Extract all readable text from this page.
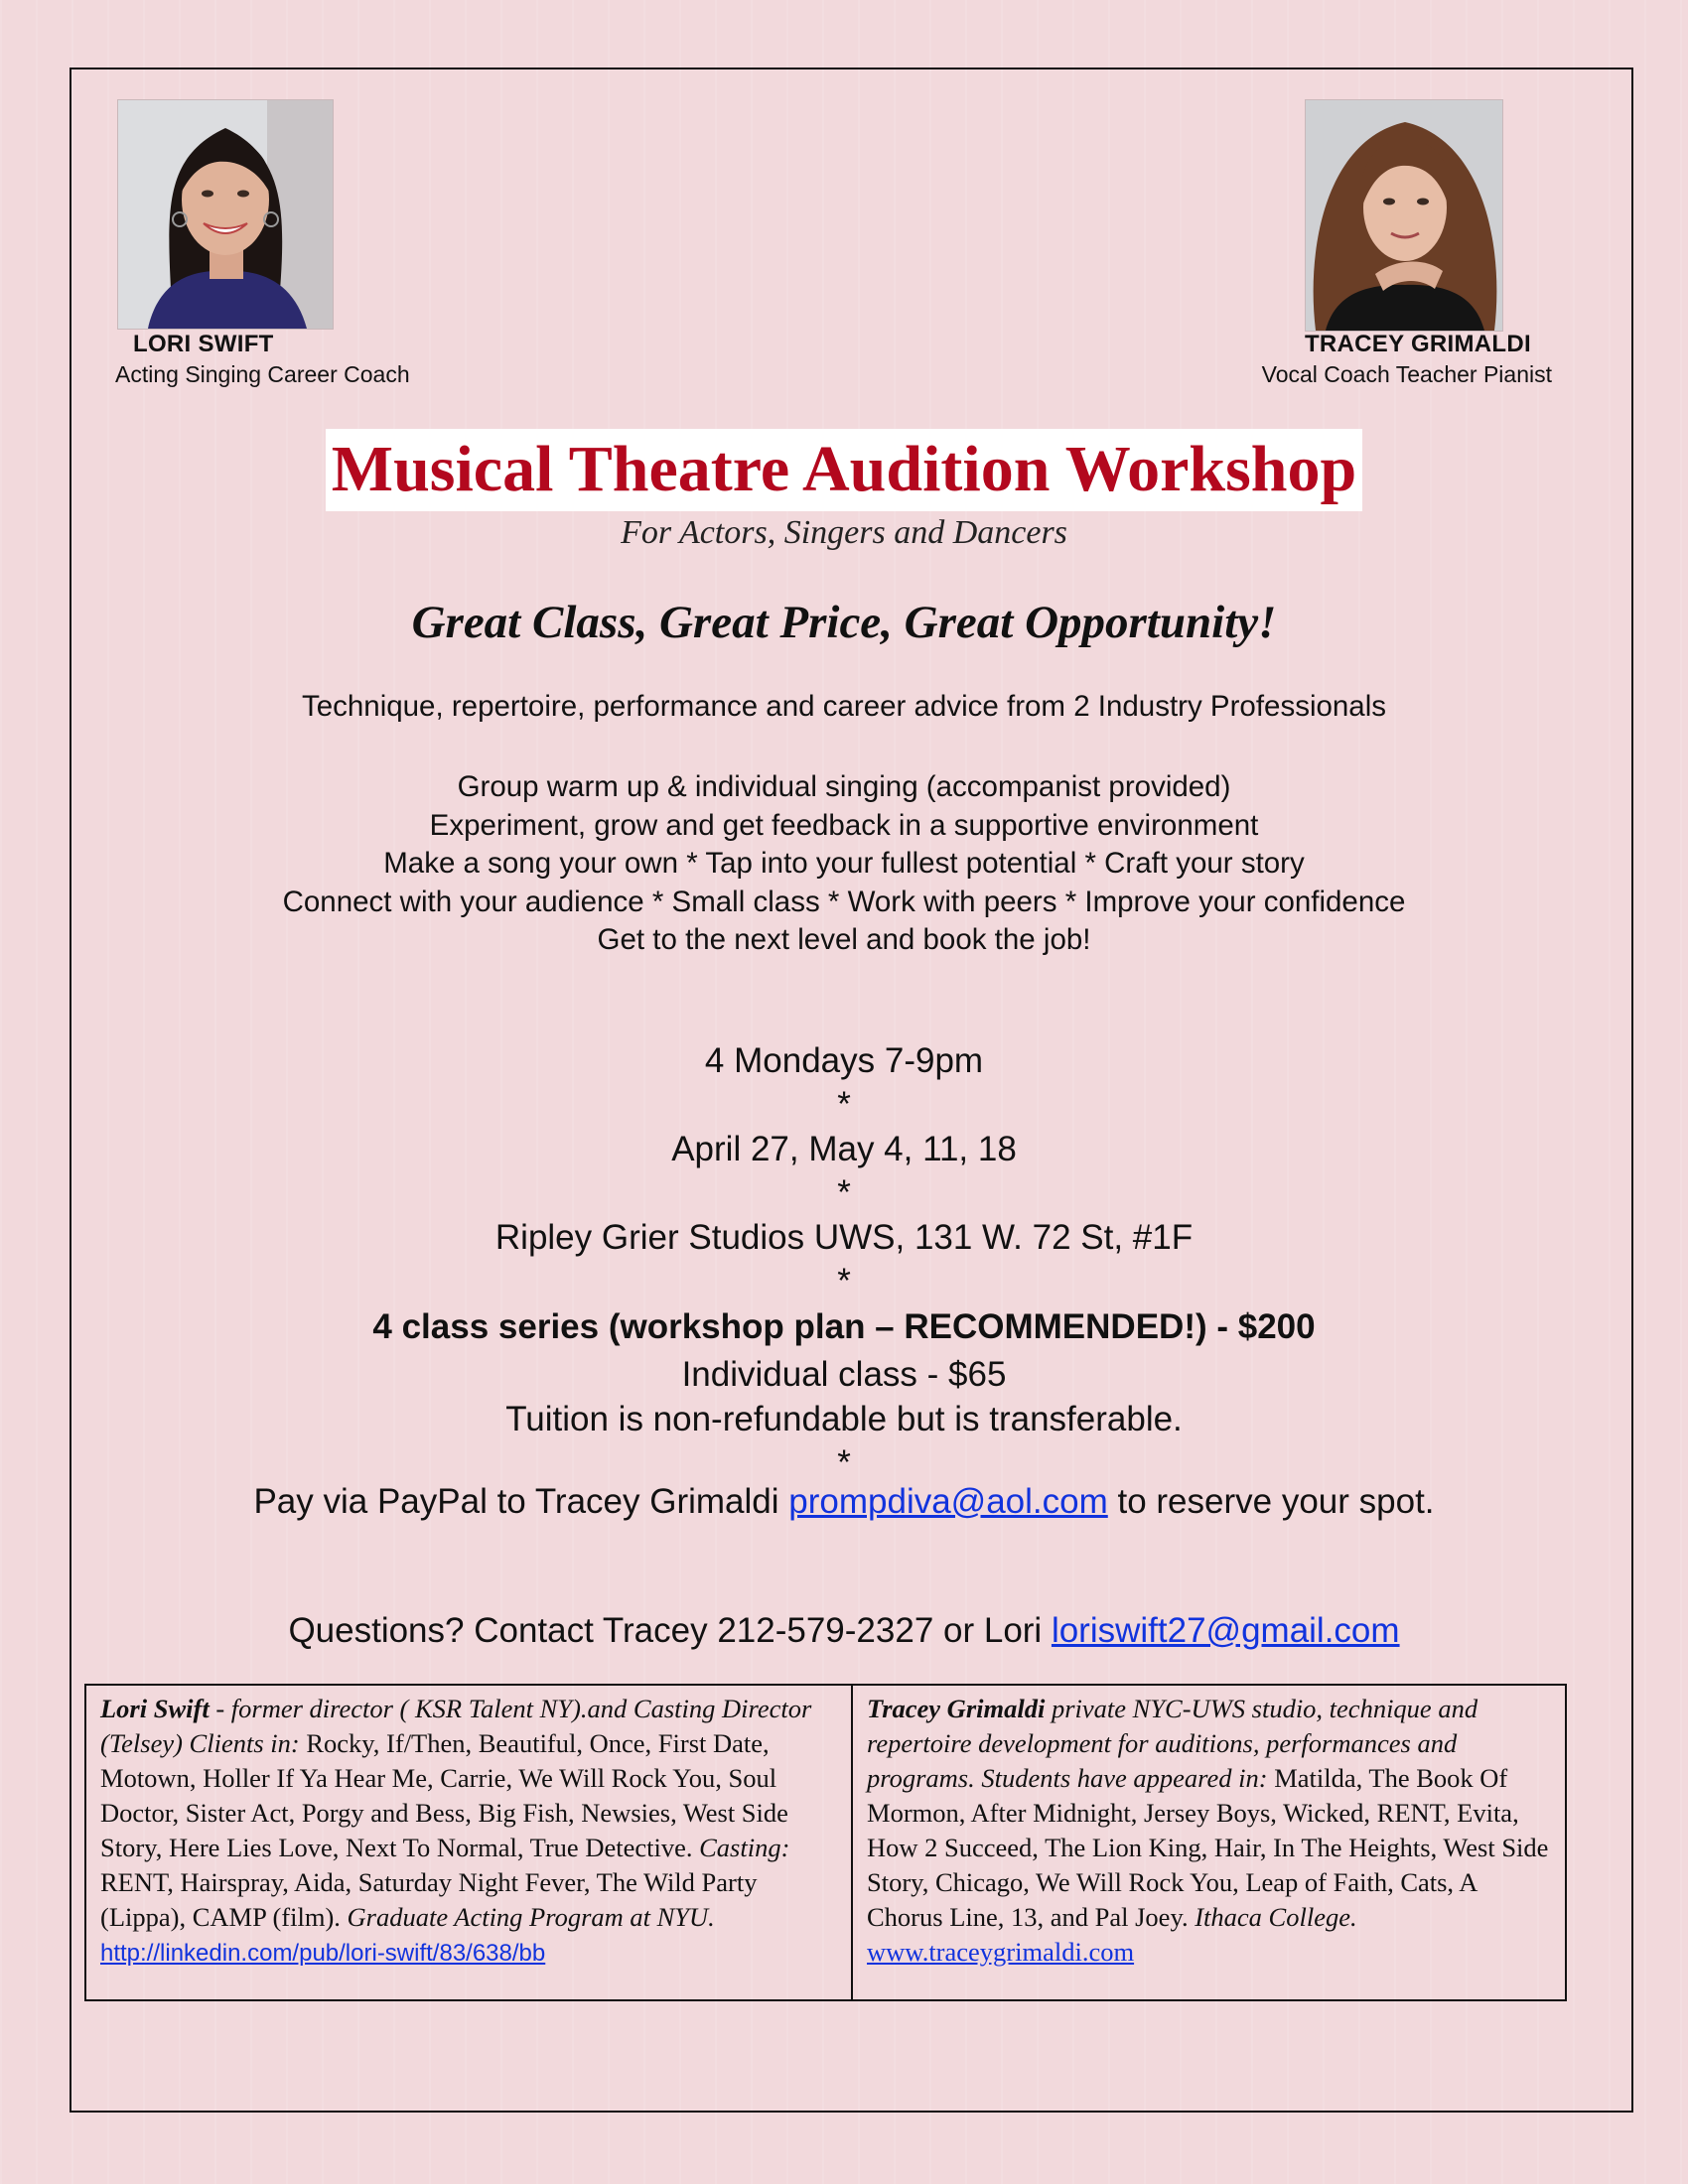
LORI SWIFT
Acting Singing Career Coach
TRACEY GRIMALDI
Vocal Coach Teacher Pianist
Musical Theatre Audition Workshop
For Actors, Singers and Dancers
Great Class, Great Price, Great Opportunity!
Technique, repertoire, performance and career advice from 2 Industry Professionals
Group warm up & individual singing (accompanist provided)
Experiment, grow and get feedback in a supportive environment
Make a song your own * Tap into your fullest potential * Craft your story
Connect with your audience * Small class * Work with peers * Improve your confidence
Get to the next level and book the job!
4 Mondays 7-9pm
*
April 27, May 4, 11, 18
*
Ripley Grier Studios UWS, 131 W. 72 St, #1F
*
4 class series (workshop plan – RECOMMENDED!) - $200
Individual class - $65
Tuition is non-refundable but is transferable.
*
Pay via PayPal to Tracey Grimaldi prompdiva@aol.com to reserve your spot.
Questions? Contact Tracey 212-579-2327 or Lori loriswift27@gmail.com
Lori Swift - former director ( KSR Talent NY).and Casting Director (Telsey) Clients in: Rocky, If/Then, Beautiful, Once, First Date, Motown, Holler If Ya Hear Me, Carrie, We Will Rock You, Soul Doctor, Sister Act, Porgy and Bess, Big Fish, Newsies, West Side Story, Here Lies Love, Next To Normal, True Detective. Casting: RENT, Hairspray, Aida, Saturday Night Fever, The Wild Party (Lippa), CAMP (film). Graduate Acting Program at NYU.
http://linkedin.com/pub/lori-swift/83/638/bb
Tracey Grimaldi private NYC-UWS studio, technique and repertoire development for auditions, performances and programs. Students have appeared in: Matilda, The Book Of Mormon, After Midnight, Jersey Boys, Wicked, RENT, Evita, How 2 Succeed, The Lion King, Hair, In The Heights, West Side Story, Chicago, We Will Rock You, Leap of Faith, Cats, A Chorus Line, 13, and Pal Joey. Ithaca College.
www.traceygrimaldi.com
